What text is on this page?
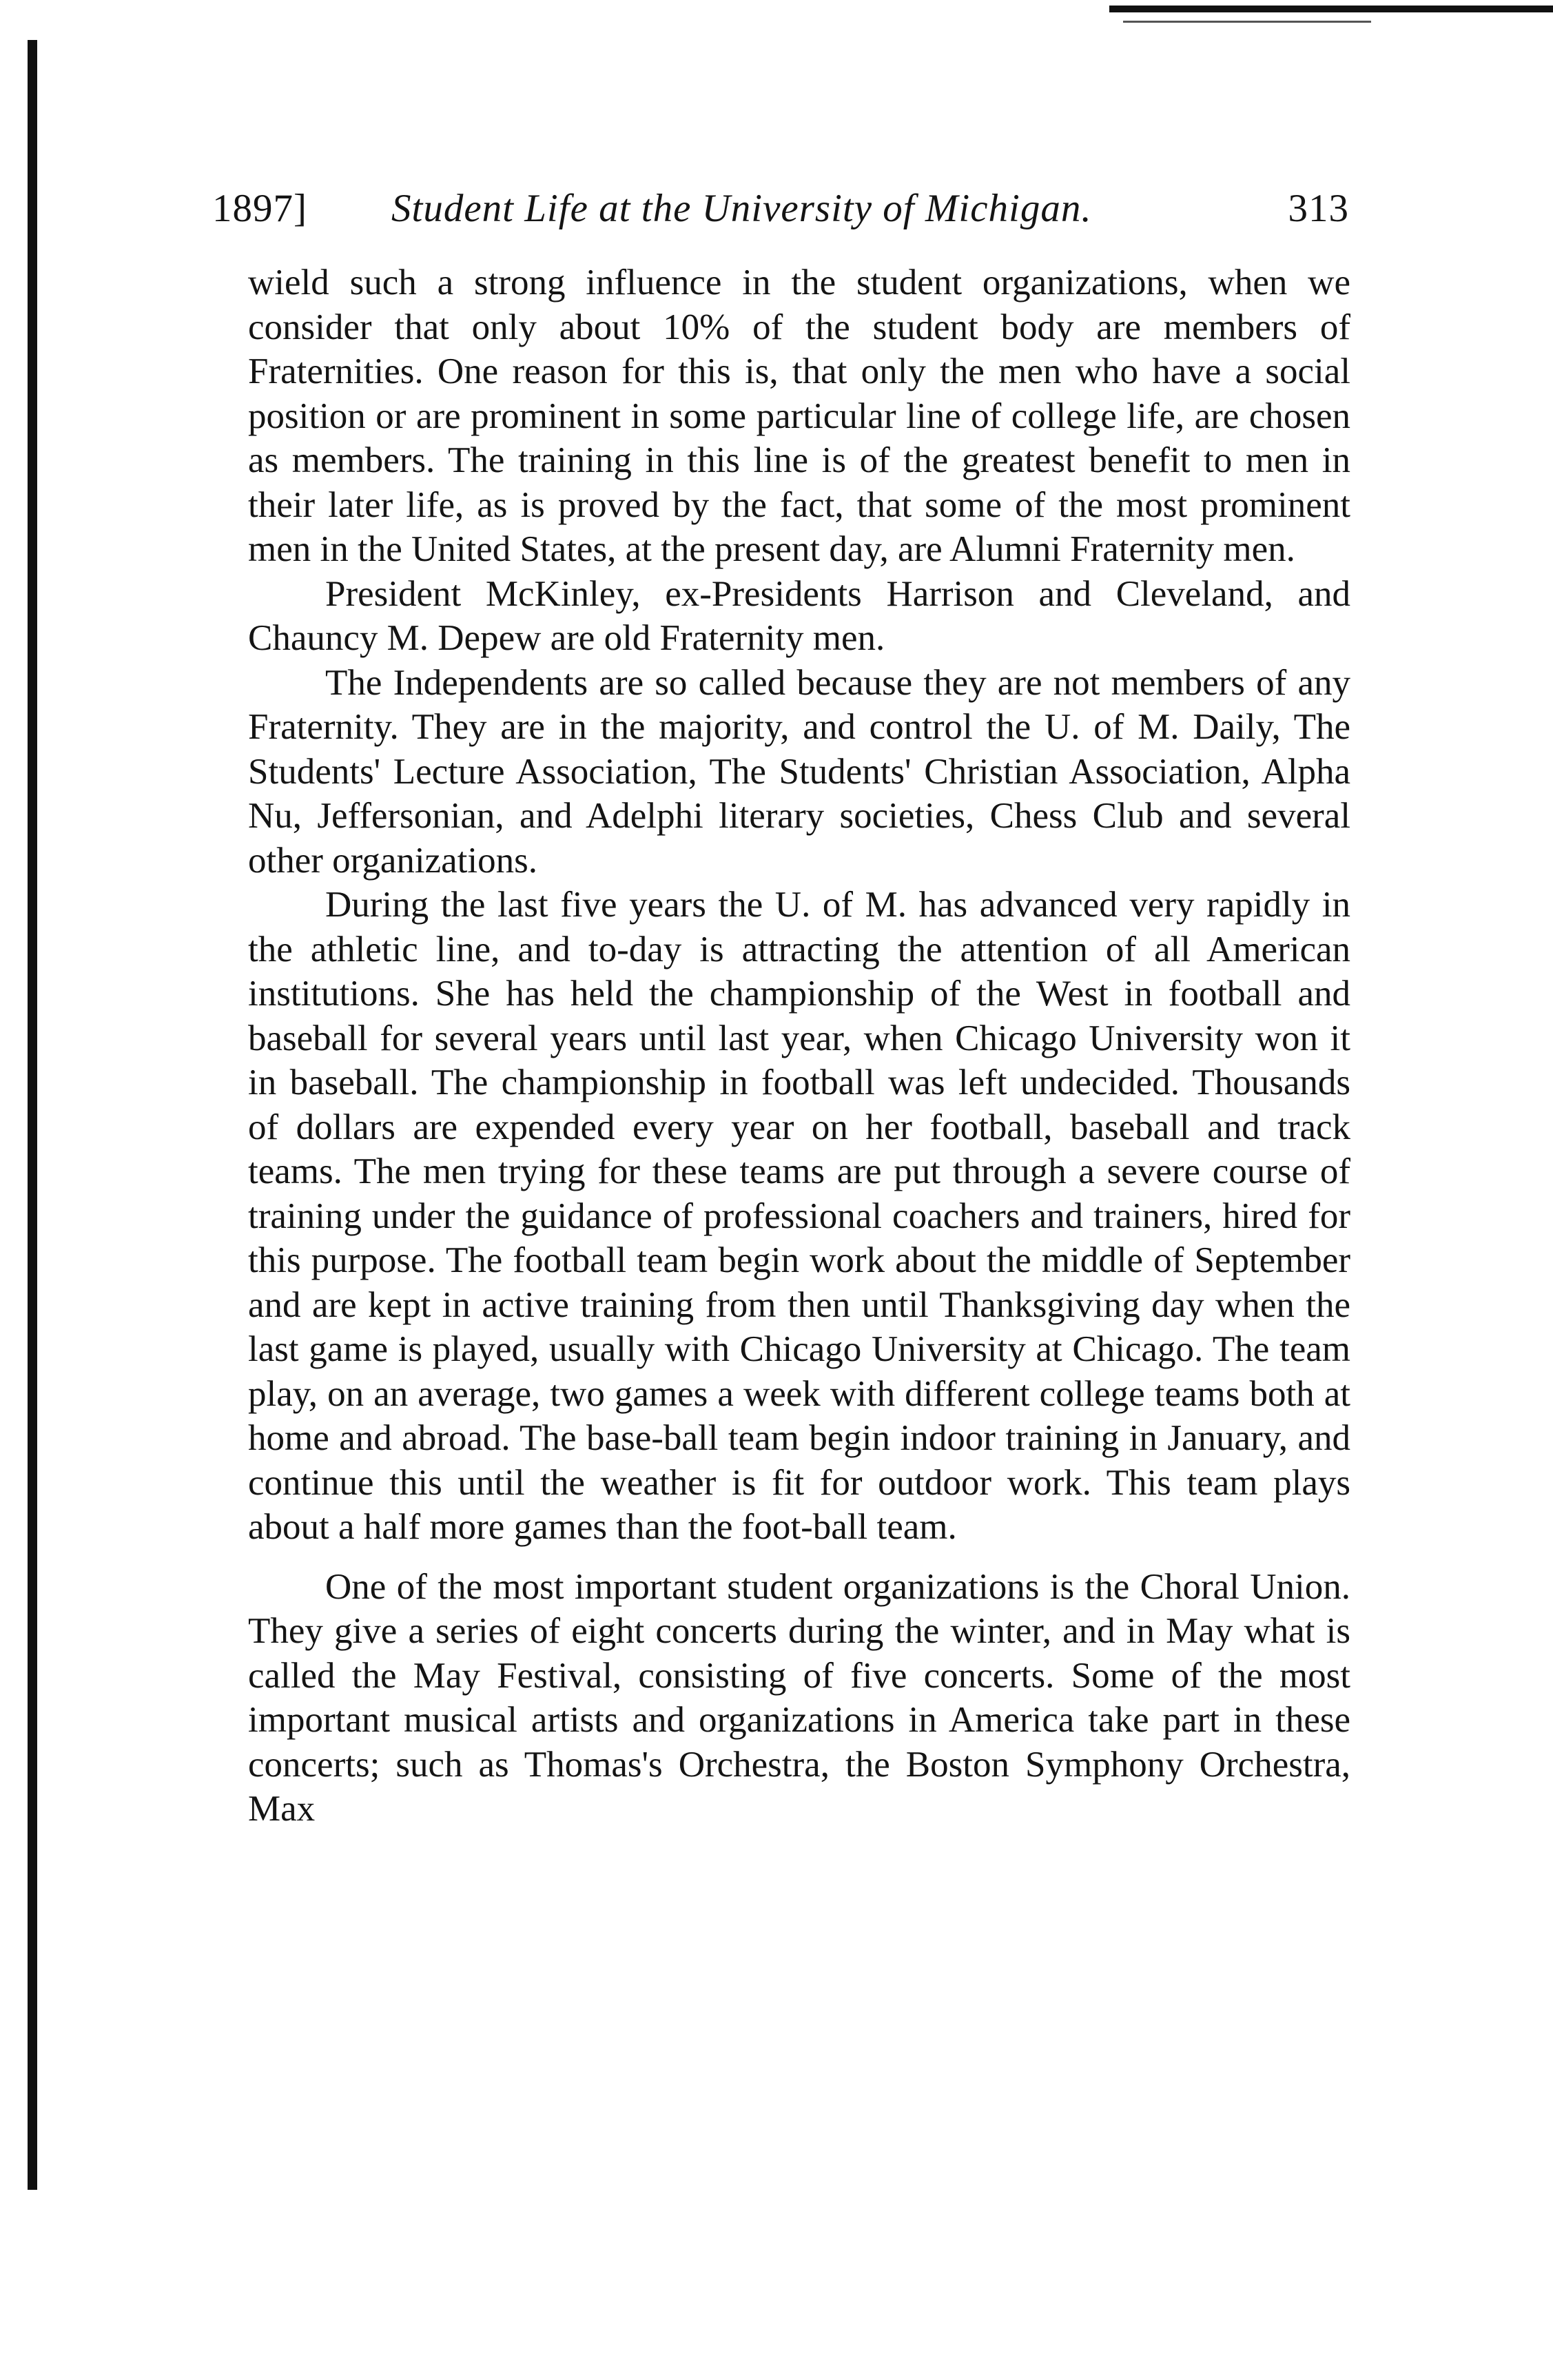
1897] Student Life at the University of Michigan.	313

wield such a strong influence in the student organizations, when we consider that only about 10% of the student body are members of Fraternities. One reason for this is, that only the men who have a social position or are prominent in some particular line of college life, are chosen as members. The training in this line is of the greatest benefit to men in their later life, as is proved by the fact, that some of the most prominent men in the United States, at the present day, are Alumni Fraternity men.

President McKinley, ex-Presidents Harrison and Cleveland, and Chauncy M. Depew are old Fraternity men.

The Independents are so called because they are not members of any Fraternity. They are in the majority, and control the U. of M. Daily, The Students' Lecture Association, The Students' Christian Association, Alpha Nu, Jeffersonian, and Adelphi literary societies, Chess Club and several other organizations.

During the last five years the U. of M. has advanced very rapidly in the athletic line, and to-day is attracting the attention of all American institutions. She has held the championship of the West in football and baseball for several years until last year, when Chicago University won it in baseball. The championship in football was left undecided. Thousands of dollars are expended every year on her football, baseball and track teams. The men trying for these teams are put through a severe course of training under the guidance of professional coachers and trainers, hired for this purpose. The football team begin work about the middle of September and are kept in active training from then until Thanksgiving day when the last game is played, usually with Chicago University at Chicago. The team play, on an average, two games a week with different college teams both at home and abroad. The base-ball team begin indoor training in January, and continue this until the weather is fit for outdoor work. This team plays about a half more games than the foot-ball team.

One of the most important student organizations is the Choral Union. They give a series of eight concerts during the winter, and in May what is called the May Festival, consisting of five concerts. Some of the most important musical artists and organizations in America take part in these concerts; such as Thomas's Orchestra, the Boston Symphony Orchestra, Max
